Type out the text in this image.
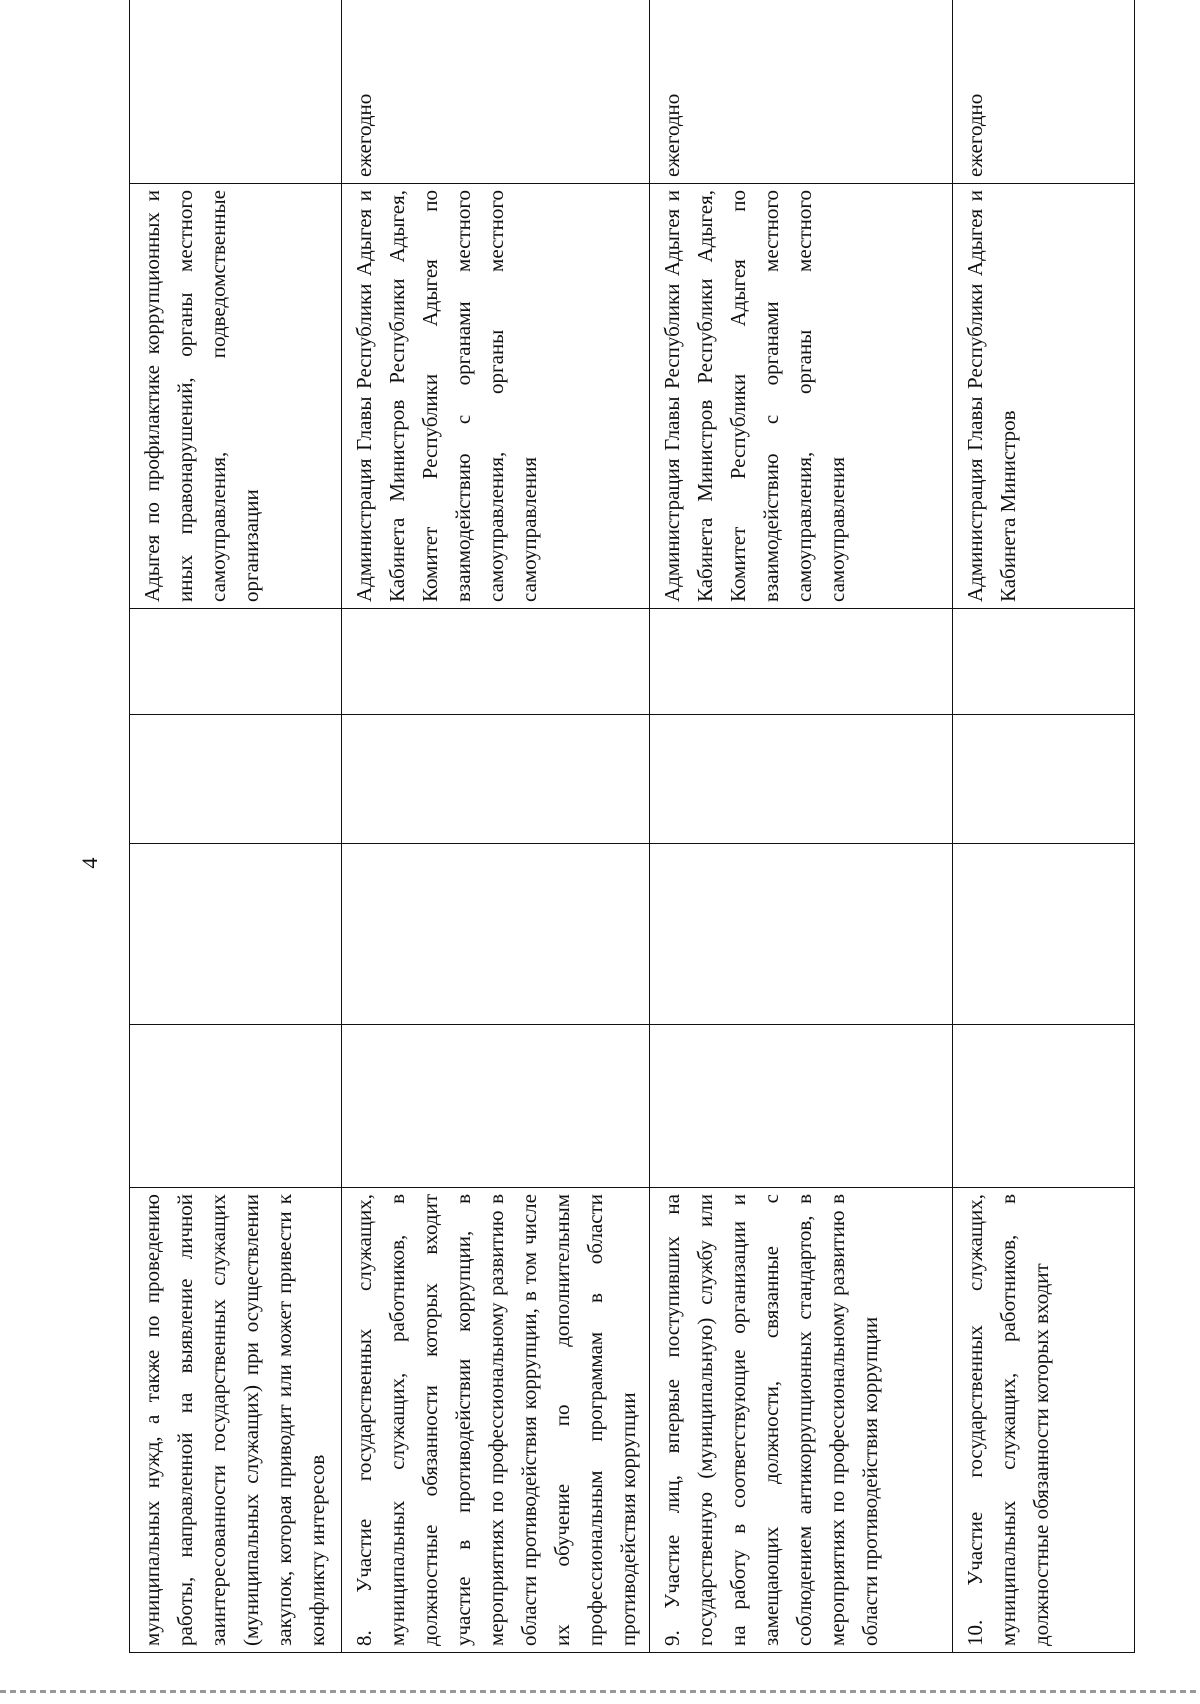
4
муниципальных нужд, а также по проведению работы, направленной на выявление личной заинтересованности государственных служащих (муниципальных служащих) при осуществлении закупок, которая приводит или может привести к конфликту интересов					Адыгея по профилактике коррупционных и иных правонарушений, органы местного самоуправления, подведомственные организации	

8. Участие государственных служащих, муниципальных служащих, работников, в должностные обязанности которых входит участие в противодействии коррупции, в мероприятиях по профессиональному развитию в области противодействия коррупции, в том числе их обучение по дополнительным профессиональным программам в области противодействия коррупции					Администрация Главы Республики Адыгея и Кабинета Министров Республики Адыгея, Комитет Республики Адыгея по взаимодействию с органами местного самоуправления, органы местного самоуправления	ежегодно

9. Участие лиц, впервые поступивших на государственную (муниципальную) службу или на работу в соответствующие организации и замещающих должности, связанные с соблюдением антикоррупционных стандартов, в мероприятиях по профессиональному развитию в области противодействия коррупции					Администрация Главы Республики Адыгея и Кабинета Министров Республики Адыгея, Комитет Республики Адыгея по взаимодействию с органами местного самоуправления, органы местного самоуправления	ежегодно

10. Участие государственных служащих, муниципальных служащих, работников, в должностные обязанности которых входит					Администрация Главы Республики Адыгея и Кабинета Министров	ежегодно
